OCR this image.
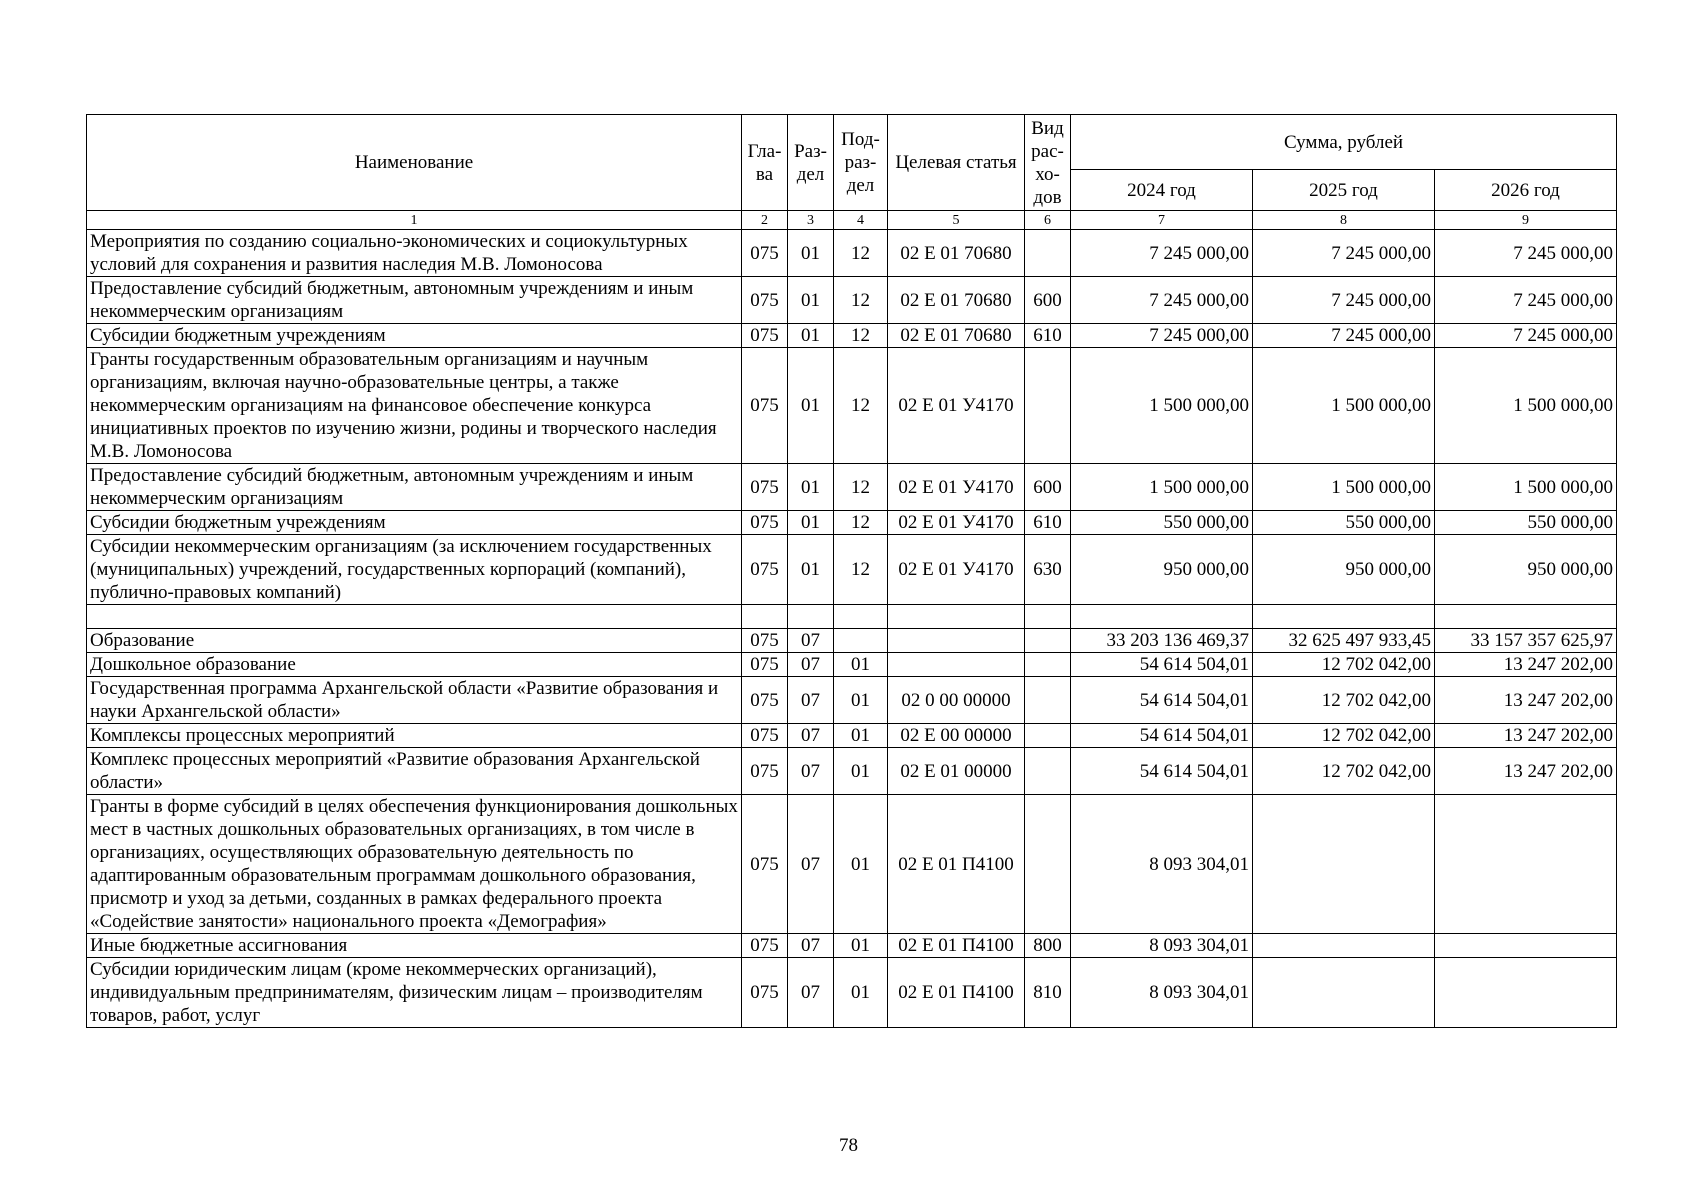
Наименование	Гла-ва	Раз-дел	Под-раз-дел	Целевая статья	Вид рас-хо-дов	Сумма, рублей		
						2024 год	2025 год	2026 год
1	2	3	4	5	6	7	8	9
Мероприятия по созданию социально-экономических и социокультурных условий для сохранения и развития наследия М.В. Ломоносова	075	01	12	02 Е 01 70680		7 245 000,00	7 245 000,00	7 245 000,00
Предоставление субсидий бюджетным, автономным учреждениям и иным некоммерческим организациям	075	01	12	02 Е 01 70680	600	7 245 000,00	7 245 000,00	7 245 000,00
Субсидии бюджетным учреждениям	075	01	12	02 Е 01 70680	610	7 245 000,00	7 245 000,00	7 245 000,00
Гранты государственным образовательным организациям и научным организациям, включая научно-образовательные центры, а также некоммерческим организациям на финансовое обеспечение конкурса инициативных проектов по изучению жизни, родины и творческого наследия М.В. Ломоносова	075	01	12	02 Е 01 У4170		1 500 000,00	1 500 000,00	1 500 000,00
Предоставление субсидий бюджетным, автономным учреждениям и иным некоммерческим организациям	075	01	12	02 Е 01 У4170	600	1 500 000,00	1 500 000,00	1 500 000,00
Субсидии бюджетным учреждениям	075	01	12	02 Е 01 У4170	610	550 000,00	550 000,00	550 000,00
Субсидии некоммерческим организациям (за исключением государственных (муниципальных) учреждений, государственных корпораций (компаний), публично-правовых компаний)	075	01	12	02 Е 01 У4170	630	950 000,00	950 000,00	950 000,00

Образование	075	07				33 203 136 469,37	32 625 497 933,45	33 157 357 625,97
Дошкольное образование	075	07	01			54 614 504,01	12 702 042,00	13 247 202,00
Государственная программа Архангельской области «Развитие образования и науки Архангельской области»	075	07	01	02 0 00 00000		54 614 504,01	12 702 042,00	13 247 202,00
Комплексы процессных мероприятий	075	07	01	02 Е 00 00000		54 614 504,01	12 702 042,00	13 247 202,00
Комплекс процессных мероприятий «Развитие образования Архангельской области»	075	07	01	02 Е 01 00000		54 614 504,01	12 702 042,00	13 247 202,00
Гранты в форме субсидий в целях обеспечения функционирования дошкольных мест в частных дошкольных образовательных организациях, в том числе в организациях, осуществляющих образовательную деятельность по адаптированным образовательным программам дошкольного образования, присмотр и уход за детьми, созданных в рамках федерального проекта «Содействие занятости» национального проекта «Демография»	075	07	01	02 Е 01 П4100		8 093 304,01		
Иные бюджетные ассигнования	075	07	01	02 Е 01 П4100	800	8 093 304,01		
Субсидии юридическим лицам (кроме некоммерческих организаций), индивидуальным предпринимателям, физическим лицам – производителям товаров, работ, услуг	075	07	01	02 Е 01 П4100	810	8 093 304,01		
78
